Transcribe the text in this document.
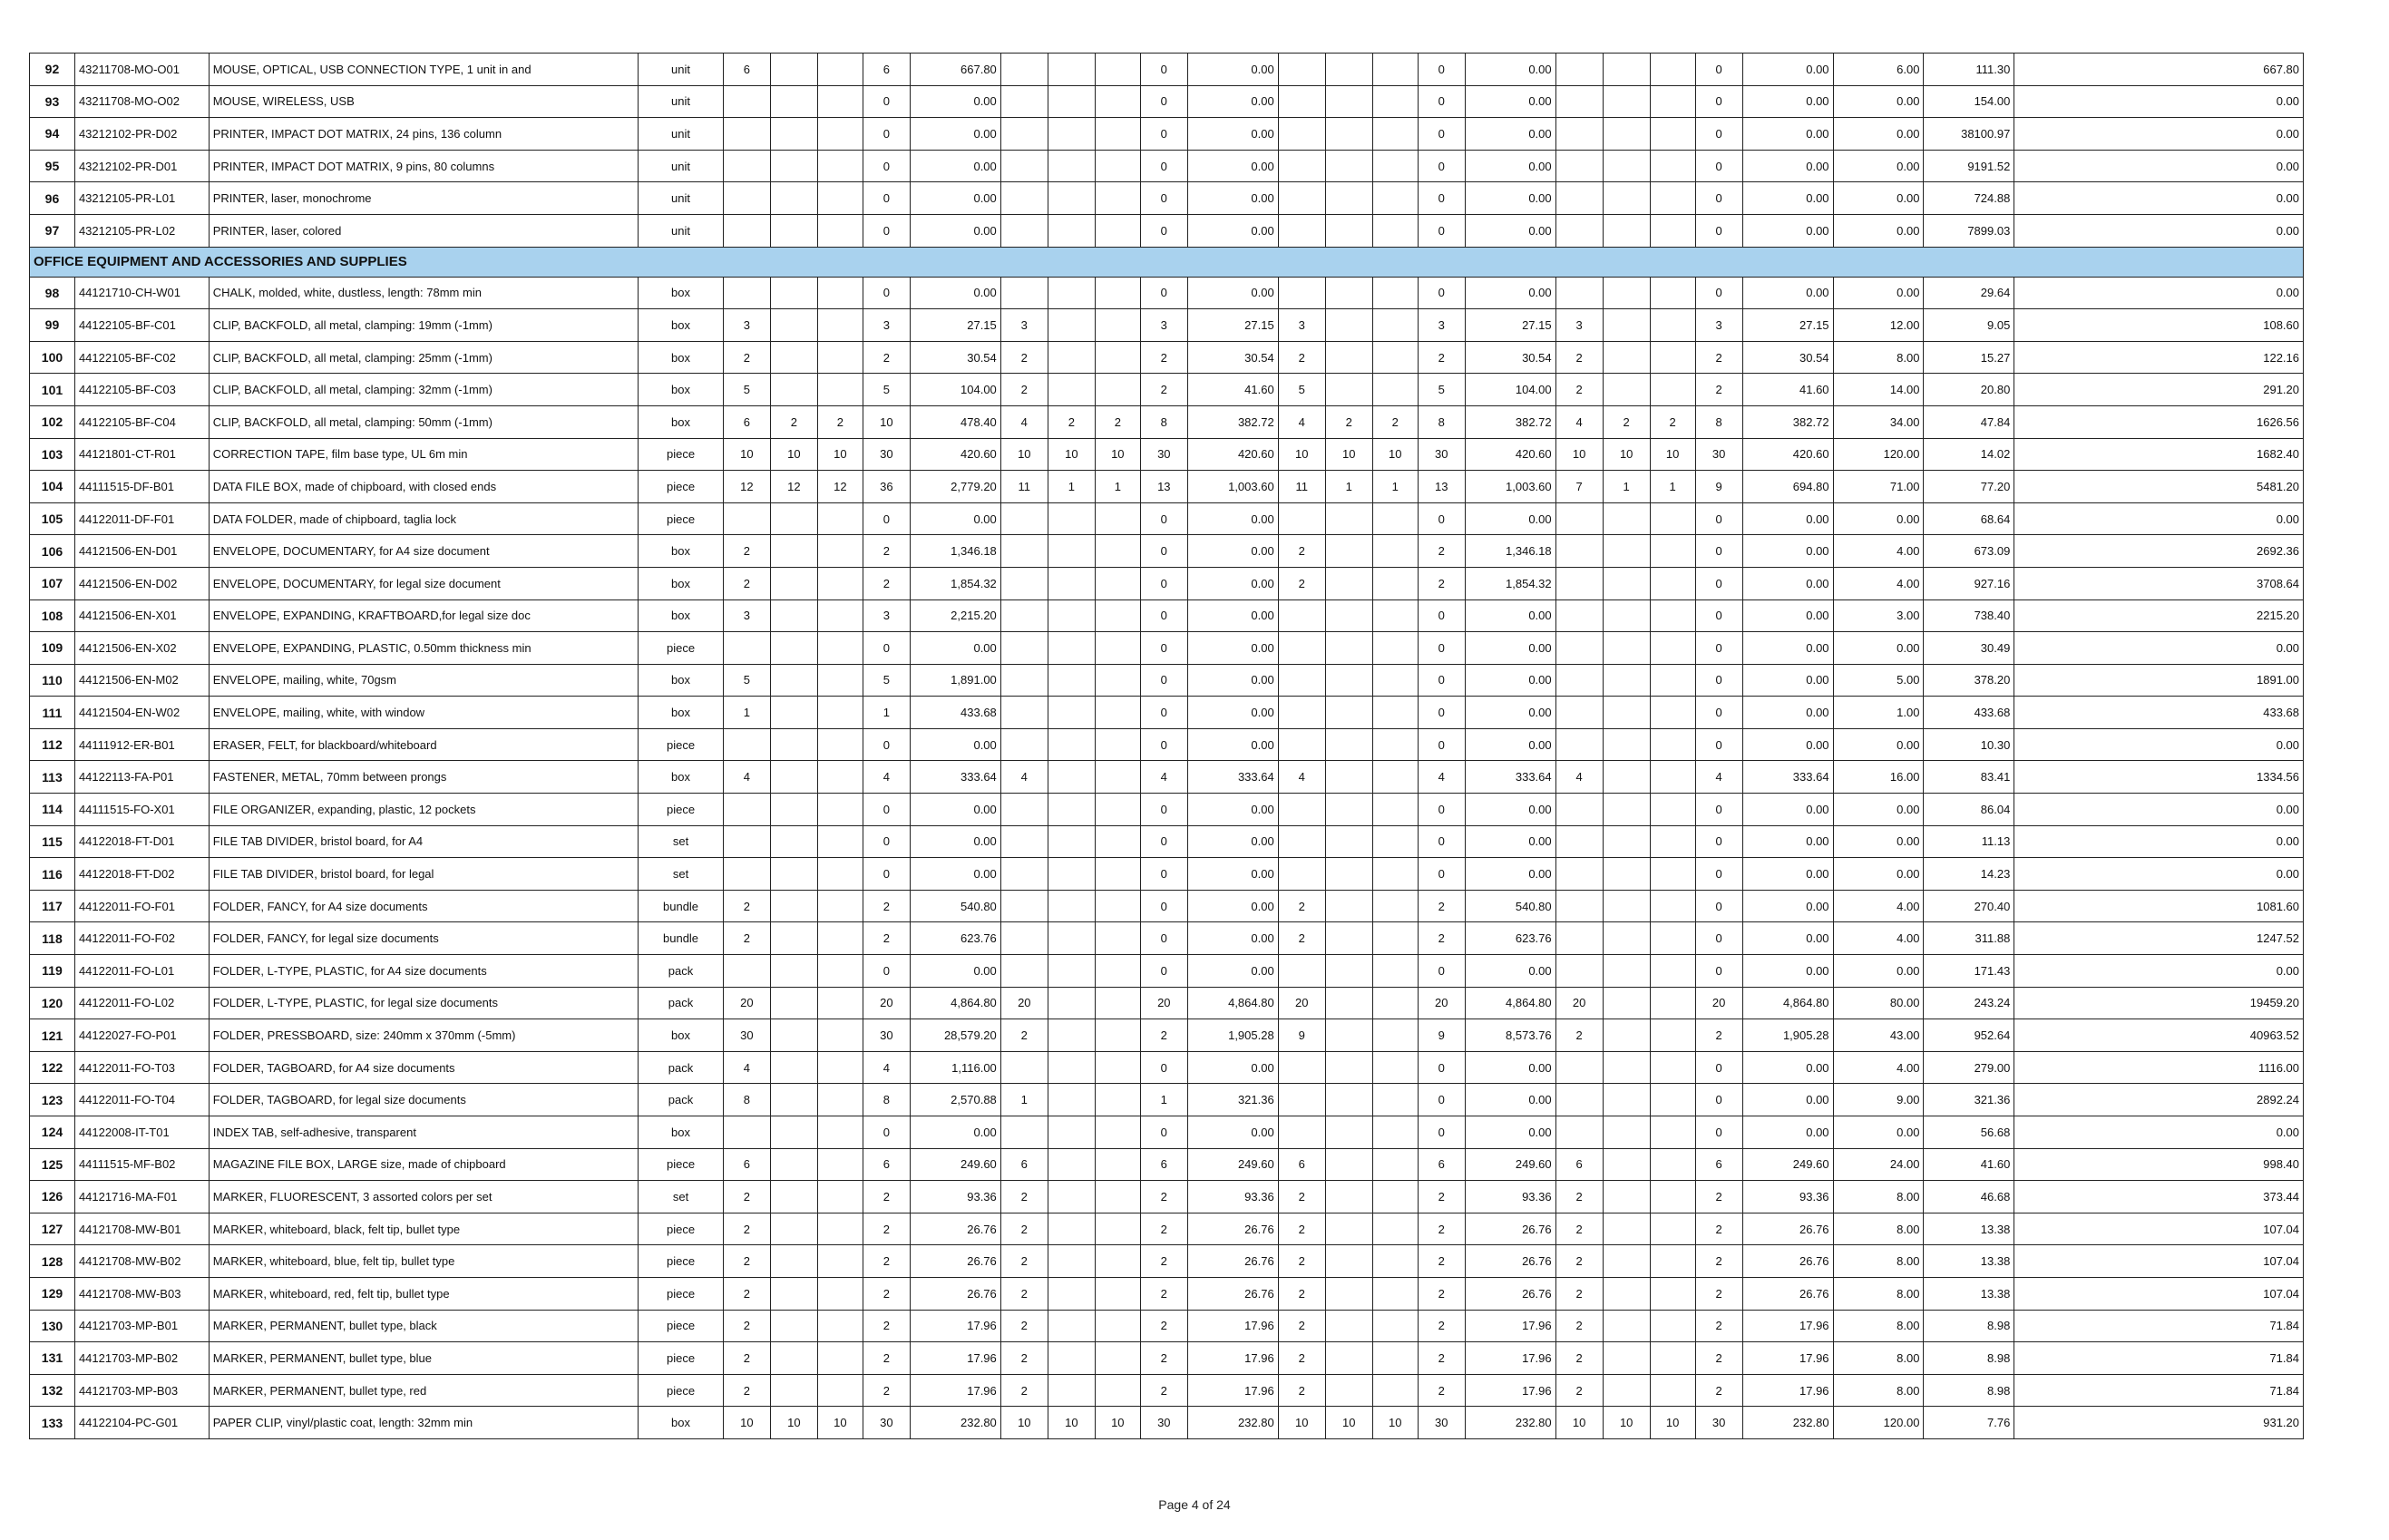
92	43211708-MO-O01	MOUSE, OPTICAL, USB CONNECTION TYPE, 1 unit in and	unit	6			6	667.80				0	0.00				0	0.00				0	0.00	6.00	111.30	667.80
93	43211708-MO-O02	MOUSE, WIRELESS, USB	unit				0	0.00				0	0.00				0	0.00				0	0.00	0.00	154.00	0.00
94	43212102-PR-D02	PRINTER, IMPACT DOT MATRIX, 24 pins, 136 column	unit				0	0.00				0	0.00				0	0.00				0	0.00	0.00	38100.97	0.00
95	43212102-PR-D01	PRINTER, IMPACT DOT MATRIX, 9 pins, 80 columns	unit				0	0.00				0	0.00				0	0.00				0	0.00	0.00	9191.52	0.00
96	43212105-PR-L01	PRINTER, laser, monochrome	unit				0	0.00				0	0.00				0	0.00				0	0.00	0.00	724.88	0.00
97	43212105-PR-L02	PRINTER, laser, colored	unit				0	0.00				0	0.00				0	0.00				0	0.00	0.00	7899.03	0.00
OFFICE EQUIPMENT AND ACCESSORIES AND SUPPLIES																										
98	44121710-CH-W01	CHALK, molded, white, dustless, length: 78mm min	box				0	0.00				0	0.00				0	0.00				0	0.00	0.00	29.64	0.00
99	44122105-BF-C01	CLIP, BACKFOLD, all metal, clamping: 19mm (-1mm)	box	3			3	27.15	3			3	27.15	3			3	27.15	3			3	27.15	12.00	9.05	108.60
100	44122105-BF-C02	CLIP, BACKFOLD, all metal, clamping: 25mm (-1mm)	box	2			2	30.54	2			2	30.54	2			2	30.54	2			2	30.54	8.00	15.27	122.16
101	44122105-BF-C03	CLIP, BACKFOLD, all metal, clamping: 32mm (-1mm)	box	5			5	104.00	2			2	41.60	5			5	104.00	2			2	41.60	14.00	20.80	291.20
102	44122105-BF-C04	CLIP, BACKFOLD, all metal, clamping: 50mm (-1mm)	box	6	2	2	10	478.40	4	2	2	8	382.72	4	2	2	8	382.72	4	2	2	8	382.72	34.00	47.84	1626.56
103	44121801-CT-R01	CORRECTION TAPE, film base type, UL 6m min	piece	10	10	10	30	420.60	10	10	10	30	420.60	10	10	10	30	420.60	10	10	10	30	420.60	120.00	14.02	1682.40
104	44111515-DF-B01	DATA FILE BOX, made of chipboard, with closed ends	piece	12	12	12	36	2,779.20	11	1	1	13	1,003.60	11	1	1	13	1,003.60	7	1	1	9	694.80	71.00	77.20	5481.20
105	44122011-DF-F01	DATA FOLDER, made of chipboard, taglia lock	piece				0	0.00				0	0.00				0	0.00				0	0.00	0.00	68.64	0.00
106	44121506-EN-D01	ENVELOPE, DOCUMENTARY, for A4 size document	box	2			2	1,346.18				0	0.00	2			2	1,346.18				0	0.00	4.00	673.09	2692.36
107	44121506-EN-D02	ENVELOPE, DOCUMENTARY, for legal size document	box	2			2	1,854.32				0	0.00	2			2	1,854.32				0	0.00	4.00	927.16	3708.64
108	44121506-EN-X01	ENVELOPE, EXPANDING, KRAFTBOARD,for legal size doc	box	3			3	2,215.20				0	0.00				0	0.00				0	0.00	3.00	738.40	2215.20
109	44121506-EN-X02	ENVELOPE, EXPANDING, PLASTIC, 0.50mm thickness min	piece				0	0.00				0	0.00				0	0.00				0	0.00	0.00	30.49	0.00
110	44121506-EN-M02	ENVELOPE, mailing, white, 70gsm	box	5			5	1,891.00				0	0.00				0	0.00				0	0.00	5.00	378.20	1891.00
111	44121504-EN-W02	ENVELOPE, mailing, white, with window	box	1			1	433.68				0	0.00				0	0.00				0	0.00	1.00	433.68	433.68
112	44111912-ER-B01	ERASER, FELT, for blackboard/whiteboard	piece				0	0.00				0	0.00				0	0.00				0	0.00	0.00	10.30	0.00
113	44122113-FA-P01	FASTENER, METAL, 70mm between prongs	box	4			4	333.64	4			4	333.64	4			4	333.64	4			4	333.64	16.00	83.41	1334.56
114	44111515-FO-X01	FILE ORGANIZER, expanding, plastic, 12 pockets	piece				0	0.00				0	0.00				0	0.00				0	0.00	0.00	86.04	0.00
115	44122018-FT-D01	FILE TAB DIVIDER, bristol board, for A4	set				0	0.00				0	0.00				0	0.00				0	0.00	0.00	11.13	0.00
116	44122018-FT-D02	FILE TAB DIVIDER, bristol board, for legal	set				0	0.00				0	0.00				0	0.00				0	0.00	0.00	14.23	0.00
117	44122011-FO-F01	FOLDER, FANCY, for A4 size documents	bundle	2			2	540.80				0	0.00	2			2	540.80				0	0.00	4.00	270.40	1081.60
118	44122011-FO-F02	FOLDER, FANCY, for legal size documents	bundle	2			2	623.76				0	0.00	2			2	623.76				0	0.00	4.00	311.88	1247.52
119	44122011-FO-L01	FOLDER, L-TYPE, PLASTIC, for A4 size documents	pack				0	0.00				0	0.00				0	0.00				0	0.00	0.00	171.43	0.00
120	44122011-FO-L02	FOLDER, L-TYPE, PLASTIC, for legal size documents	pack	20			20	4,864.80	20			20	4,864.80	20			20	4,864.80	20			20	4,864.80	80.00	243.24	19459.20
121	44122027-FO-P01	FOLDER, PRESSBOARD, size: 240mm x 370mm (-5mm)	box	30			30	28,579.20	2			2	1,905.28	9			9	8,573.76	2			2	1,905.28	43.00	952.64	40963.52
122	44122011-FO-T03	FOLDER, TAGBOARD, for A4 size documents	pack	4			4	1,116.00				0	0.00				0	0.00				0	0.00	4.00	279.00	1116.00
123	44122011-FO-T04	FOLDER, TAGBOARD, for legal size documents	pack	8			8	2,570.88	1			1	321.36				0	0.00				0	0.00	9.00	321.36	2892.24
124	44122008-IT-T01	INDEX TAB, self-adhesive, transparent	box				0	0.00				0	0.00				0	0.00				0	0.00	0.00	56.68	0.00
125	44111515-MF-B02	MAGAZINE FILE BOX, LARGE size, made of chipboard	piece	6			6	249.60	6			6	249.60	6			6	249.60	6			6	249.60	24.00	41.60	998.40
126	44121716-MA-F01	MARKER, FLUORESCENT, 3 assorted colors per set	set	2			2	93.36	2			2	93.36	2			2	93.36	2			2	93.36	8.00	46.68	373.44
127	44121708-MW-B01	MARKER, whiteboard, black, felt tip, bullet type	piece	2			2	26.76	2			2	26.76	2			2	26.76	2			2	26.76	8.00	13.38	107.04
128	44121708-MW-B02	MARKER, whiteboard, blue, felt tip, bullet type	piece	2			2	26.76	2			2	26.76	2			2	26.76	2			2	26.76	8.00	13.38	107.04
129	44121708-MW-B03	MARKER, whiteboard, red, felt tip, bullet type	piece	2			2	26.76	2			2	26.76	2			2	26.76	2			2	26.76	8.00	13.38	107.04
130	44121703-MP-B01	MARKER, PERMANENT, bullet type, black	piece	2			2	17.96	2			2	17.96	2			2	17.96	2			2	17.96	8.00	8.98	71.84
131	44121703-MP-B02	MARKER, PERMANENT, bullet type, blue	piece	2			2	17.96	2			2	17.96	2			2	17.96	2			2	17.96	8.00	8.98	71.84
132	44121703-MP-B03	MARKER, PERMANENT, bullet type, red	piece	2			2	17.96	2			2	17.96	2			2	17.96	2			2	17.96	8.00	8.98	71.84
133	44122104-PC-G01	PAPER CLIP, vinyl/plastic coat, length: 32mm min	box	10	10	10	30	232.80	10	10	10	30	232.80	10	10	10	30	232.80	10	10	10	30	232.80	120.00	7.76	931.20
Page 4 of 24
